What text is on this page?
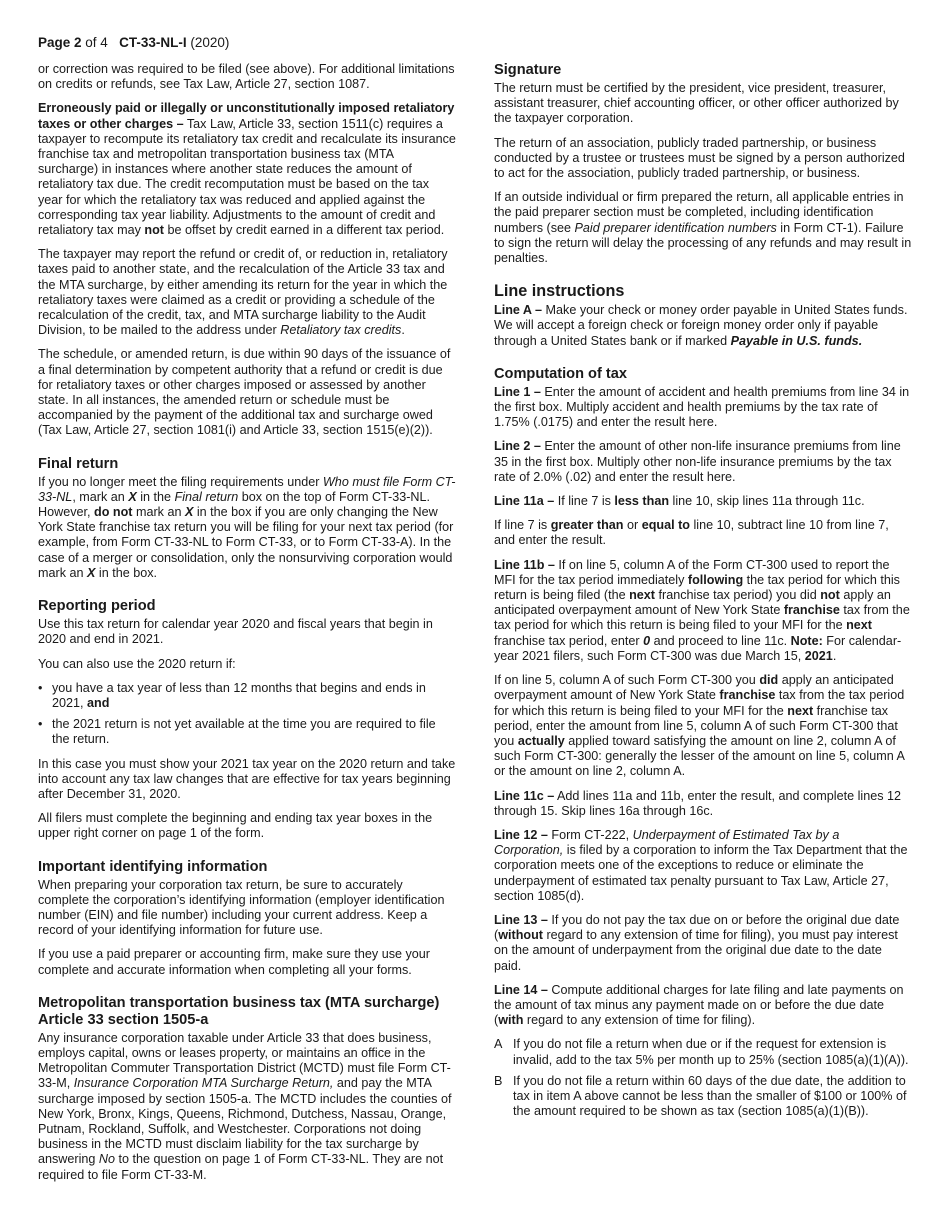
Page 2 of 4 CT-33-NL-I (2020)

or correction was required to be filed (see above). For additional limitations on credits or refunds, see Tax Law, Article 27, section 1087.

Erroneously paid or illegally or unconstitutionally imposed retaliatory taxes or other charges – Tax Law, Article 33, section 1511(c) requires a taxpayer to recompute its retaliatory tax credit and recalculate its insurance franchise tax and metropolitan transportation business tax (MTA surcharge) in instances where another state reduces the amount of retaliatory tax due. The credit recomputation must be based on the tax year for which the retaliatory tax was reduced and applied against the corresponding tax year liability. Adjustments to the amount of credit and retaliatory tax may not be offset by credit earned in a different tax period.

The taxpayer may report the refund or credit of, or reduction in, retaliatory taxes paid to another state, and the recalculation of the Article 33 tax and the MTA surcharge, by either amending its return for the year in which the retaliatory taxes were claimed as a credit or providing a schedule of the recalculation of the credit, tax, and MTA surcharge liability to the Audit Division, to be mailed to the address under Retaliatory tax credits.

The schedule, or amended return, is due within 90 days of the issuance of a final determination by competent authority that a refund or credit is due for retaliatory taxes or other charges imposed or assessed by another state. In all instances, the amended return or schedule must be accompanied by the payment of the additional tax and surcharge owed (Tax Law, Article 27, section 1081(i) and Article 33, section 1515(e)(2)).

Final return

If you no longer meet the filing requirements under Who must file Form CT-33-NL, mark an X in the Final return box on the top of Form CT-33-NL. However, do not mark an X in the box if you are only changing the New York State franchise tax return you will be filing for your next tax period (for example, from Form CT-33-NL to Form CT-33, or to Form CT-33-A). In the case of a merger or consolidation, only the nonsurviving corporation would mark an X in the box.

Reporting period

Use this tax return for calendar year 2020 and fiscal years that begin in 2020 and end in 2021.

You can also use the 2020 return if:

• you have a tax year of less than 12 months that begins and ends in 2021, and
• the 2021 return is not yet available at the time you are required to file the return.

In this case you must show your 2021 tax year on the 2020 return and take into account any tax law changes that are effective for tax years beginning after December 31, 2020.

All filers must complete the beginning and ending tax year boxes in the upper right corner on page 1 of the form.

Important identifying information

When preparing your corporation tax return, be sure to accurately complete the corporation’s identifying information (employer identification number (EIN) and file number) including your current address. Keep a record of your identifying information for future use.

If you use a paid preparer or accounting firm, make sure they use your complete and accurate information when completing all your forms.

Metropolitan transportation business tax (MTA surcharge) Article 33 section 1505-a

Any insurance corporation taxable under Article 33 that does business, employs capital, owns or leases property, or maintains an office in the Metropolitan Commuter Transportation District (MCTD) must file Form CT-33-M, Insurance Corporation MTA Surcharge Return, and pay the MTA surcharge imposed by section 1505-a. The MCTD includes the counties of New York, Bronx, Kings, Queens, Richmond, Dutchess, Nassau, Orange, Putnam, Rockland, Suffolk, and Westchester. Corporations not doing business in the MCTD must disclaim liability for the tax surcharge by answering No to the question on page 1 of Form CT-33-NL. They are not required to file Form CT-33-M.

Signature

The return must be certified by the president, vice president, treasurer, assistant treasurer, chief accounting officer, or other officer authorized by the taxpayer corporation.

The return of an association, publicly traded partnership, or business conducted by a trustee or trustees must be signed by a person authorized to act for the association, publicly traded partnership, or business.

If an outside individual or firm prepared the return, all applicable entries in the paid preparer section must be completed, including identification numbers (see Paid preparer identification numbers in Form CT-1). Failure to sign the return will delay the processing of any refunds and may result in penalties.

Line instructions

Line A – Make your check or money order payable in United States funds. We will accept a foreign check or foreign money order only if payable through a United States bank or if marked Payable in U.S. funds.

Computation of tax

Line 1 – Enter the amount of accident and health premiums from line 34 in the first box. Multiply accident and health premiums by the tax rate of 1.75% (.0175) and enter the result here.

Line 2 – Enter the amount of other non-life insurance premiums from line 35 in the first box. Multiply other non-life insurance premiums by the tax rate of 2.0% (.02) and enter the result here.

Line 11a – If line 7 is less than line 10, skip lines 11a through 11c.

If line 7 is greater than or equal to line 10, subtract line 10 from line 7, and enter the result.

Line 11b – If on line 5, column A of the Form CT-300 used to report the MFI for the tax period immediately following the tax period for which this return is being filed (the next franchise tax period) you did not apply an anticipated overpayment amount of New York State franchise tax from the tax period for which this return is being filed to your MFI for the next franchise tax period, enter 0 and proceed to line 11c. Note: For calendar-year 2021 filers, such Form CT-300 was due March 15, 2021.

If on line 5, column A of such Form CT-300 you did apply an anticipated overpayment amount of New York State franchise tax from the tax period for which this return is being filed to your MFI for the next franchise tax period, enter the amount from line 5, column A of such Form CT-300 that you actually applied toward satisfying the amount on line 2, column A of such Form CT-300: generally the lesser of the amount on line 5, column A or the amount on line 2, column A.

Line 11c – Add lines 11a and 11b, enter the result, and complete lines 12 through 15. Skip lines 16a through 16c.

Line 12 – Form CT-222, Underpayment of Estimated Tax by a Corporation, is filed by a corporation to inform the Tax Department that the corporation meets one of the exceptions to reduce or eliminate the underpayment of estimated tax penalty pursuant to Tax Law, Article 27, section 1085(d).

Line 13 – If you do not pay the tax due on or before the original due date (without regard to any extension of time for filing), you must pay interest on the amount of underpayment from the original due date to the date paid.

Line 14 – Compute additional charges for late filing and late payments on the amount of tax minus any payment made on or before the due date (with regard to any extension of time for filing).

A If you do not file a return when due or if the request for extension is invalid, add to the tax 5% per month up to 25% (section 1085(a)(1)(A)).
B If you do not file a return within 60 days of the due date, the addition to tax in item A above cannot be less than the smaller of $100 or 100% of the amount required to be shown as tax (section 1085(a)(1)(B)).
